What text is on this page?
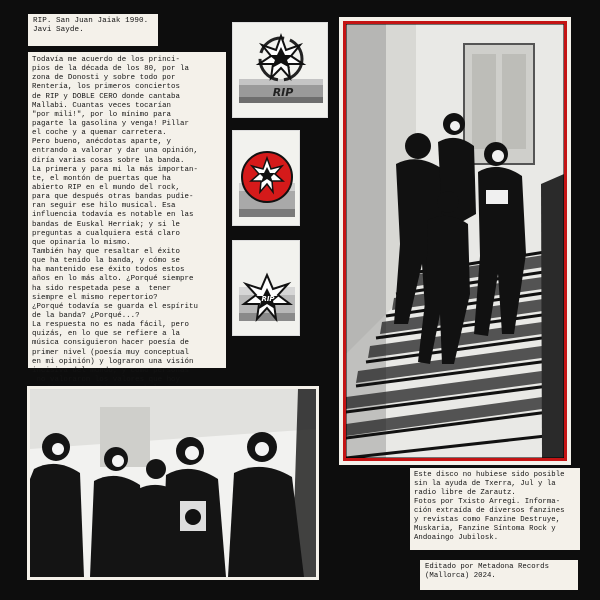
RIP. San Juan Jaiak 1990.
Javi Sayde.
Todavía me acuerdo de los princi-
pios de la década de los 80, por la
zona de Donosti y sobre todo por
Rentería, los primeros conciertos
de RIP y DOBLE CERO donde cantaba
Mallabi. Cuantas veces tocarían
"por mili!", por lo mínimo para
pagarte la gasolina y venga! Pillar
el coche y a quemar carretera.
Pero bueno, anécdotas aparte, y
entrando a valorar y dar una opinión,
diría varias cosas sobre la banda.
La primera y para mi la más importan-
te, el montón de puertas que ha
abierto RIP en el mundo del rock,
para que después otras bandas pudie-
ran seguir ese hilo musical. Esa
influencia todavía es notable en las
bandas de Euskal Herriak; y si le
preguntas a cualquiera está claro
que opinaría lo mismo.
También hay que resaltar el éxito
que ha tenido la banda, y cómo se
ha mantenido ese éxito todos estos
años en lo más alto. ¿Porqué siempre
ha sido respetada pese a  tener
siempre el mismo repertorio?
¿Porqué todavía se guarda el espíritu
de la banda? ¿Porqué...?
La respuesta no es nada fácil, pero
quizás, en lo que se refiere a la
música consiguieron hacer poesía de
primer nivel (poesía muy conceptual
en mi opinión) y lograron una visión
incisiva del mundo; y como personas
no valoraron los valores que hoy

RIP
RIP
Este disco no hubiese sido posible
sin la ayuda de Txerra, Jul y la
radio libre de Zarautz.
Fotos por Txisto Arregi. Informa-
ción extraída de diversos fanzines
y revistas como Fanzine Destruye,
Muskaria, Fanzine Síntoma Rock y
Andoaingo Jubilosk.
Editado por Metadona Records
(Mallorca) 2024.
